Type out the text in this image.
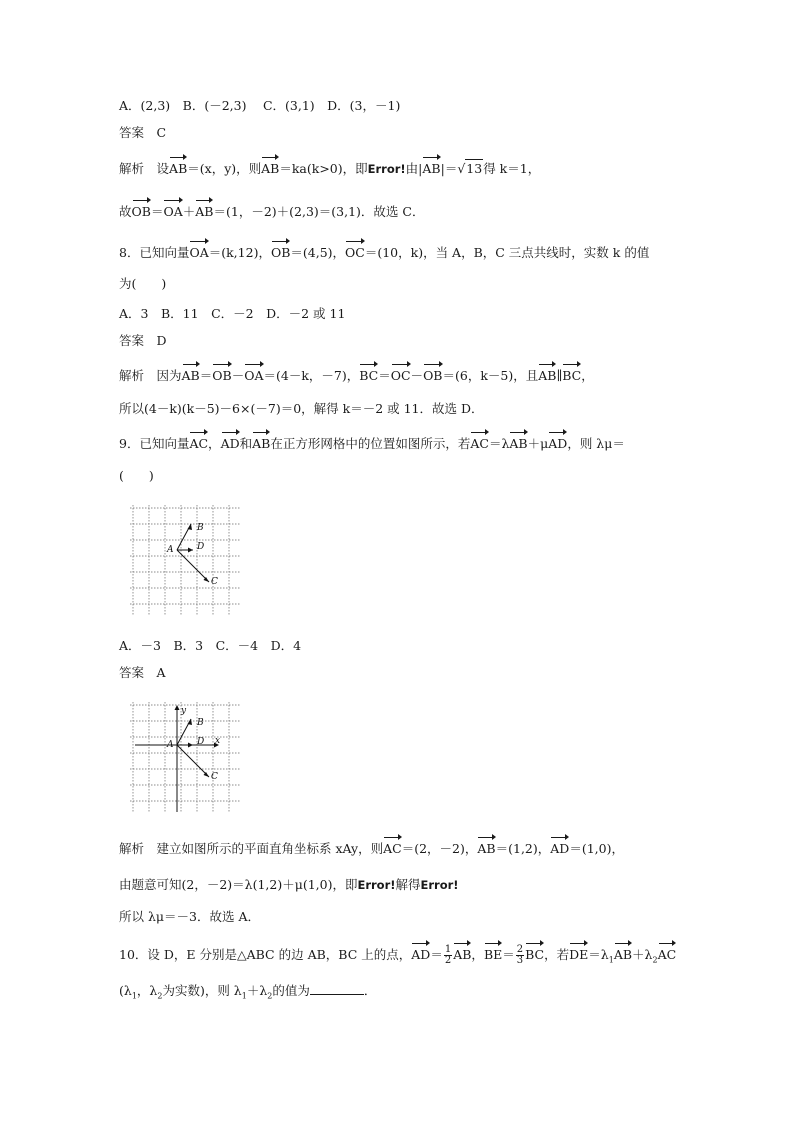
A．(2,3)　B．(－2,3)　 C．(3,1)　D．(3，－1)
答案　 C
解析　 设AB＝(x，y)，则AB＝ka(k>0)，即Error!由|AB|＝√13得 k＝1，
故OB＝OA＋AB＝(1，－2)＋(2,3)＝(3,1)．故选 C．
8．已知向量OA＝(k,12)，OB＝(4,5)，OC＝(10，k)，当 A，B，C 三点共线时，实数 k 的值
为(　　)
A．3　B．11　C．－2　D．－2 或 11
答案　 D
解析　因为AB＝OB－OA＝(4－k，－7)，BC＝OC－OB＝(6，k－5)，且AB∥BC，
所以(4－k)(k－5)－6×(－7)＝0，解得 k＝－2 或 11．故选 D．
9．已知向量AC，AD和AB在正方形网格中的位置如图所示，若AC＝λAB＋μAD，则 λμ＝
(　　)
A
B
D
C
A．－3　B．3　C．－4　D．4
答案　 A
y
x
A
B
D
C
解析　建立如图所示的平面直角坐标系 xAy，则AC＝(2，－2)，AB＝(1,2)，AD＝(1,0)，
由题意可知(2，－2)＝λ(1,2)＋μ(1,0)，即Error!解得Error!
所以 λμ＝－3．故选 A．
10．设 D，E 分别是△ABC 的边 AB，BC 上的点，$AD= \frac{1}{2}$ AB，$BE= \frac{2}{3}$ BC，若$DE=\lambda_1AB+\lambda_2AC$
($\lambda_1$，$\lambda_2$为实数)，则 $\lambda_1+\lambda_2$的值为	．
